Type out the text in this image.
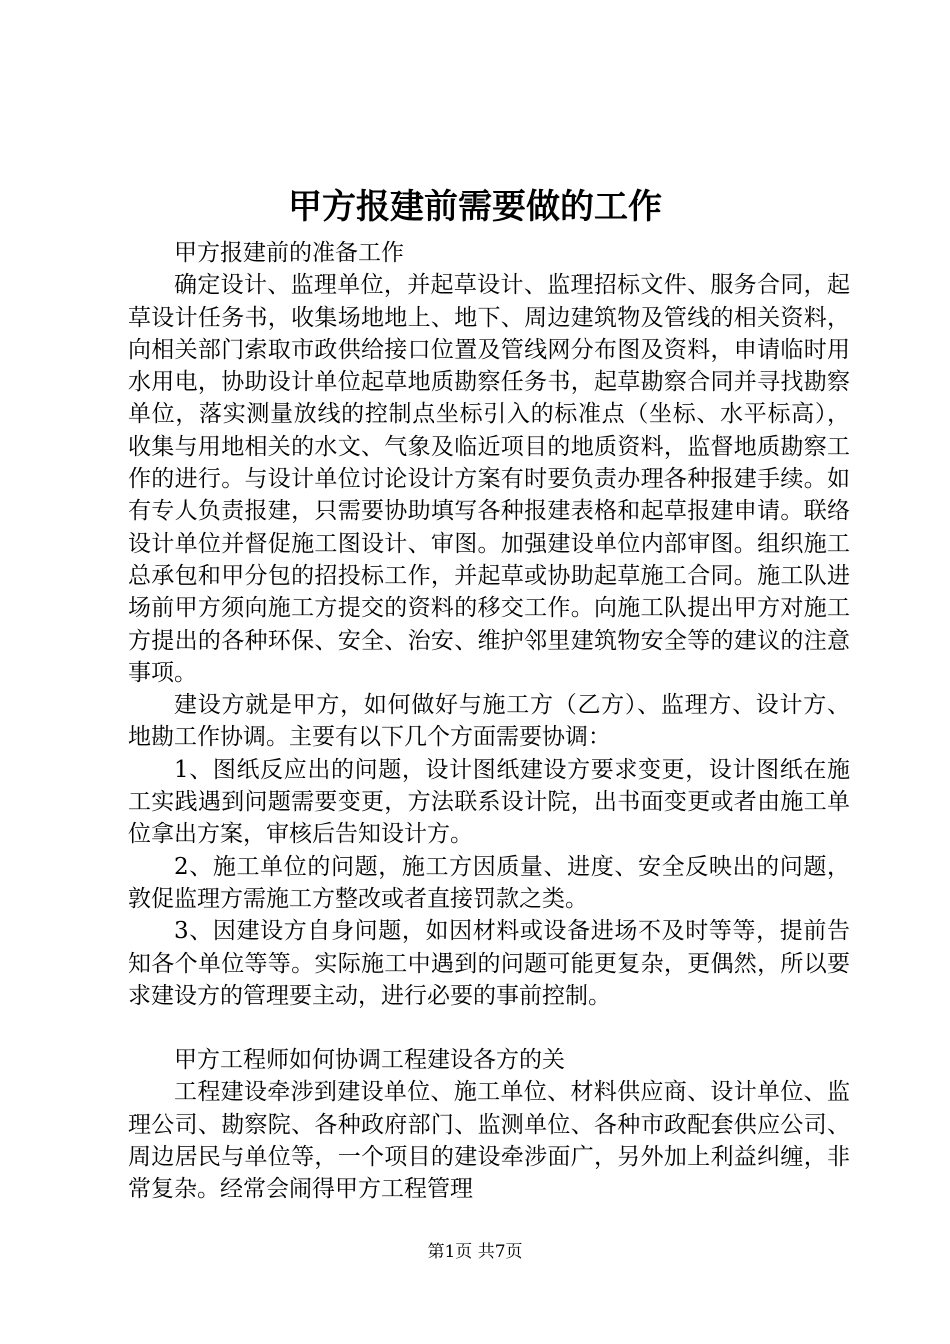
甲方报建前需要做的工作

甲方报建前的准备工作

确定设计、监理单位，并起草设计、监理招标文件、服务合同，起草设计任务书，收集场地地上、地下、周边建筑物及管线的相关资料，向相关部门索取市政供给接口位置及管线网分布图及资料，申请临时用水用电，协助设计单位起草地质勘察任务书，起草勘察合同并寻找勘察单位，落实测量放线的控制点坐标引入的标准点（坐标、水平标高），收集与用地相关的水文、气象及临近项目的地质资料，监督地质勘察工作的进行。与设计单位讨论设计方案有时要负责办理各种报建手续。如有专人负责报建，只需要协助填写各种报建表格和起草报建申请。联络设计单位并督促施工图设计、审图。加强建设单位内部审图。组织施工总承包和甲分包的招投标工作，并起草或协助起草施工合同。施工队进场前甲方须向施工方提交的资料的移交工作。向施工队提出甲方对施工方提出的各种环保、安全、治安、维护邻里建筑物安全等的建议的注意事项。

建设方就是甲方，如何做好与施工方（乙方）、监理方、设计方、地勘工作协调。主要有以下几个方面需要协调：

1、图纸反应出的问题，设计图纸建设方要求变更，设计图纸在施工实践遇到问题需要变更，方法联系设计院，出书面变更或者由施工单位拿出方案，审核后告知设计方。

2、施工单位的问题，施工方因质量、进度、安全反映出的问题，敦促监理方需施工方整改或者直接罚款之类。

3、因建设方自身问题，如因材料或设备进场不及时等等，提前告知各个单位等等。实际施工中遇到的问题可能更复杂，更偶然，所以要求建设方的管理要主动，进行必要的事前控制。

甲方工程师如何协调工程建设各方的关

工程建设牵涉到建设单位、施工单位、材料供应商、设计单位、监理公司、勘察院、各种政府部门、监测单位、各种市政配套供应公司、周边居民与单位等，一个项目的建设牵涉面广，另外加上利益纠缠，非常复杂。经常会闹得甲方工程管理

第1页 共7页
